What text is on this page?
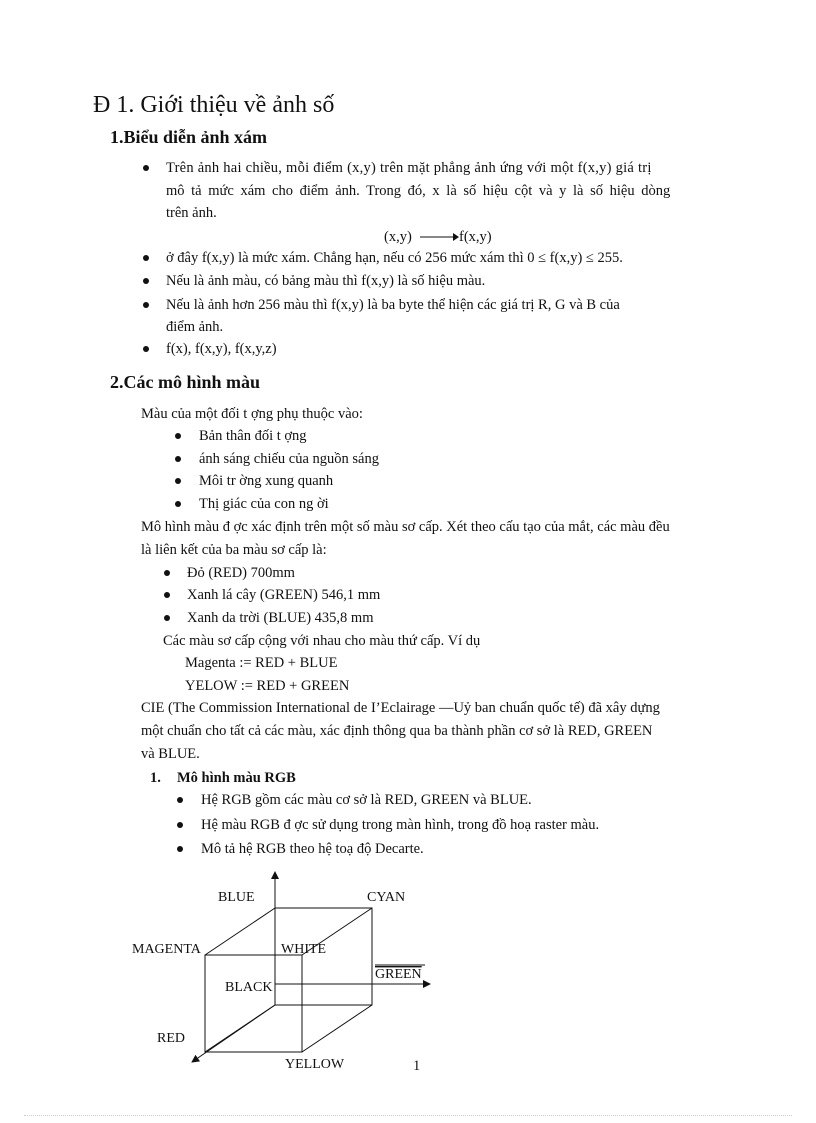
Đ 1. Giới thiệu về ảnh số
1.Biểu diễn ảnh xám
Trên ảnh hai chiều, mỗi điểm (x,y) trên mặt phẳng ảnh ứng với một f(x,y) giá trị
mô tả mức xám cho điểm ảnh. Trong đó, x là số hiệu cột và y là số hiệu dòng
trên ảnh.
(x,y)	f(x,y)
ở đây f(x,y) là mức xám. Chẳng hạn, nếu có 256 mức xám thì 0 ≤ f(x,y) ≤ 255.
Nếu là ảnh màu, có bảng màu thì f(x,y) là số hiệu màu.
Nếu là ảnh hơn 256 màu thì f(x,y) là ba byte thể hiện các giá trị R, G và B của
điểm ảnh.
f(x), f(x,y), f(x,y,z)
2.Các mô hình màu
Màu của một đối t ợng phụ thuộc vào:
Bản thân đối t ợng
ánh sáng chiếu của nguồn sáng
Môi tr ờng xung quanh
Thị giác của con ng ời
Mô hình màu đ ợc xác định trên một số màu sơ cấp. Xét theo cấu tạo của mắt, các màu đều
là liên kết của ba màu sơ cấp là:
Đỏ (RED) 700mm
Xanh lá cây (GREEN) 546,1 mm
Xanh da trời (BLUE) 435,8 mm
Các màu sơ cấp cộng với nhau cho màu thứ cấp. Ví dụ
Magenta := RED + BLUE
YELOW := RED + GREEN
CIE (The Commission International de I’Eclairage —Uỷ ban chuẩn quốc tế) đã xây dựng
một chuẩn cho tất cả các màu, xác định thông qua ba thành phần cơ sở là RED, GREEN
và BLUE.
1. Mô hình màu RGB
Hệ RGB gồm các màu cơ sở là RED, GREEN và BLUE.
Hệ màu RGB đ ợc sử dụng trong màn hình, trong đồ hoạ raster màu.
Mô tả hệ RGB theo hệ toạ độ Decarte.
BLUE	CYAN
MAGENTA	WHITE
GREEN
BLACK
RED
YELLOW	1
